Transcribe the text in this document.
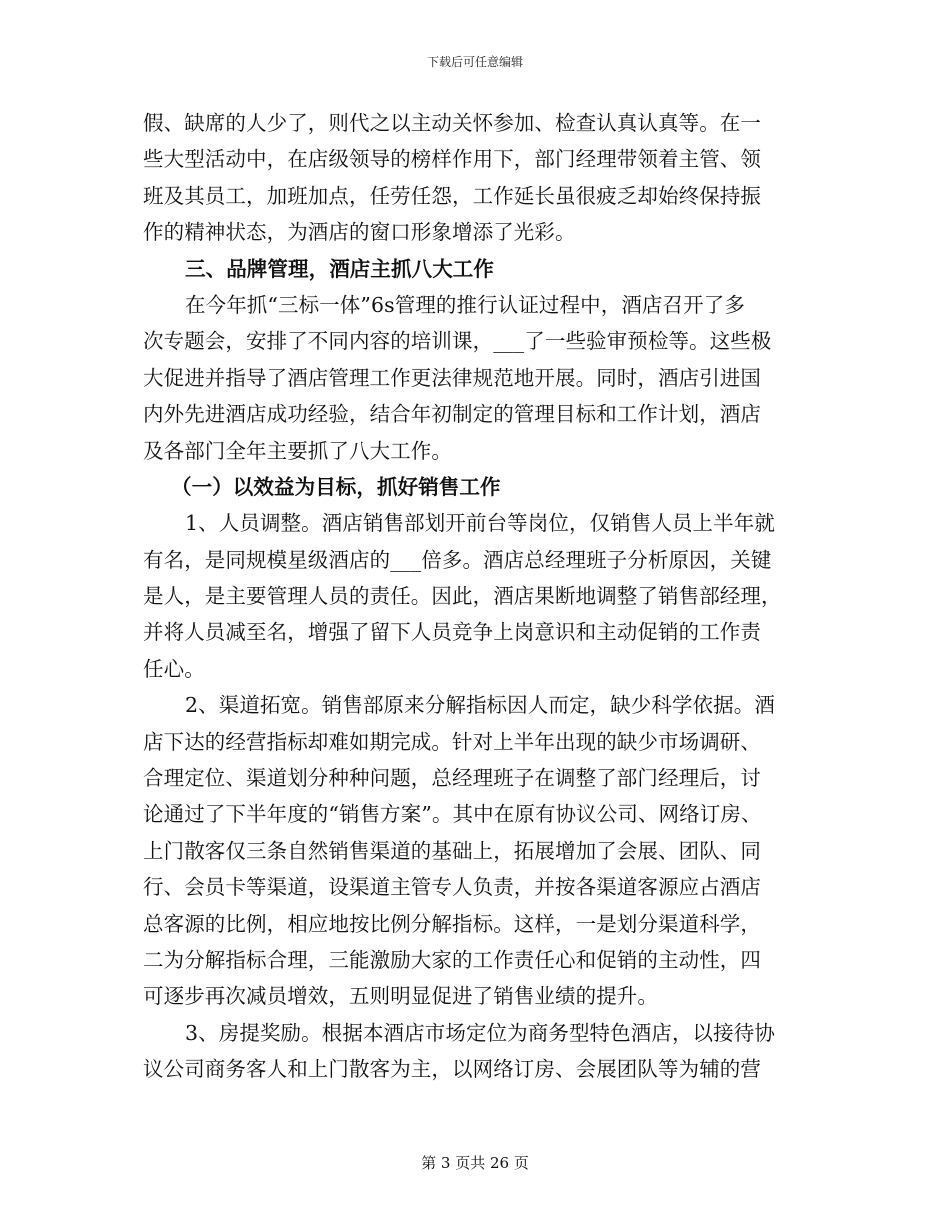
下载后可任意编辑
假、缺席的人少了，则代之以主动关怀参加、检查认真认真等。在一
些大型活动中，在店级领导的榜样作用下，部门经理带领着主管、领
班及其员工，加班加点，任劳任怨，工作延长虽很疲乏却始终保持振
作的精神状态，为酒店的窗口形象增添了光彩。
三、品牌管理，酒店主抓八大工作
在今年抓“三标一体”6s管理的推行认证过程中，酒店召开了多
次专题会，安排了不同内容的培训课，___了一些验审预检等。这些极
大促进并指导了酒店管理工作更法律规范地开展。同时，酒店引进国
内外先进酒店成功经验，结合年初制定的管理目标和工作计划，酒店
及各部门全年主要抓了八大工作。
（一）以效益为目标，抓好销售工作
1、人员调整。酒店销售部划开前台等岗位，仅销售人员上半年就
有名，是同规模星级酒店的___倍多。酒店总经理班子分析原因，关键
是人，是主要管理人员的责任。因此，酒店果断地调整了销售部经理，
并将人员减至名，增强了留下人员竞争上岗意识和主动促销的工作责
任心。
2、渠道拓宽。销售部原来分解指标因人而定，缺少科学依据。酒
店下达的经营指标却难如期完成。针对上半年出现的缺少市场调研、
合理定位、渠道划分种种问题，总经理班子在调整了部门经理后，讨
论通过了下半年度的“销售方案”。其中在原有协议公司、网络订房、
上门散客仅三条自然销售渠道的基础上，拓展增加了会展、团队、同
行、会员卡等渠道，设渠道主管专人负责，并按各渠道客源应占酒店
总客源的比例，相应地按比例分解指标。这样，一是划分渠道科学，
二为分解指标合理，三能激励大家的工作责任心和促销的主动性，四
可逐步再次减员增效，五则明显促进了销售业绩的提升。
3、房提奖励。根据本酒店市场定位为商务型特色酒店，以接待协
议公司商务客人和上门散客为主，以网络订房、会展团队等为辅的营
第 3 页共 26 页
